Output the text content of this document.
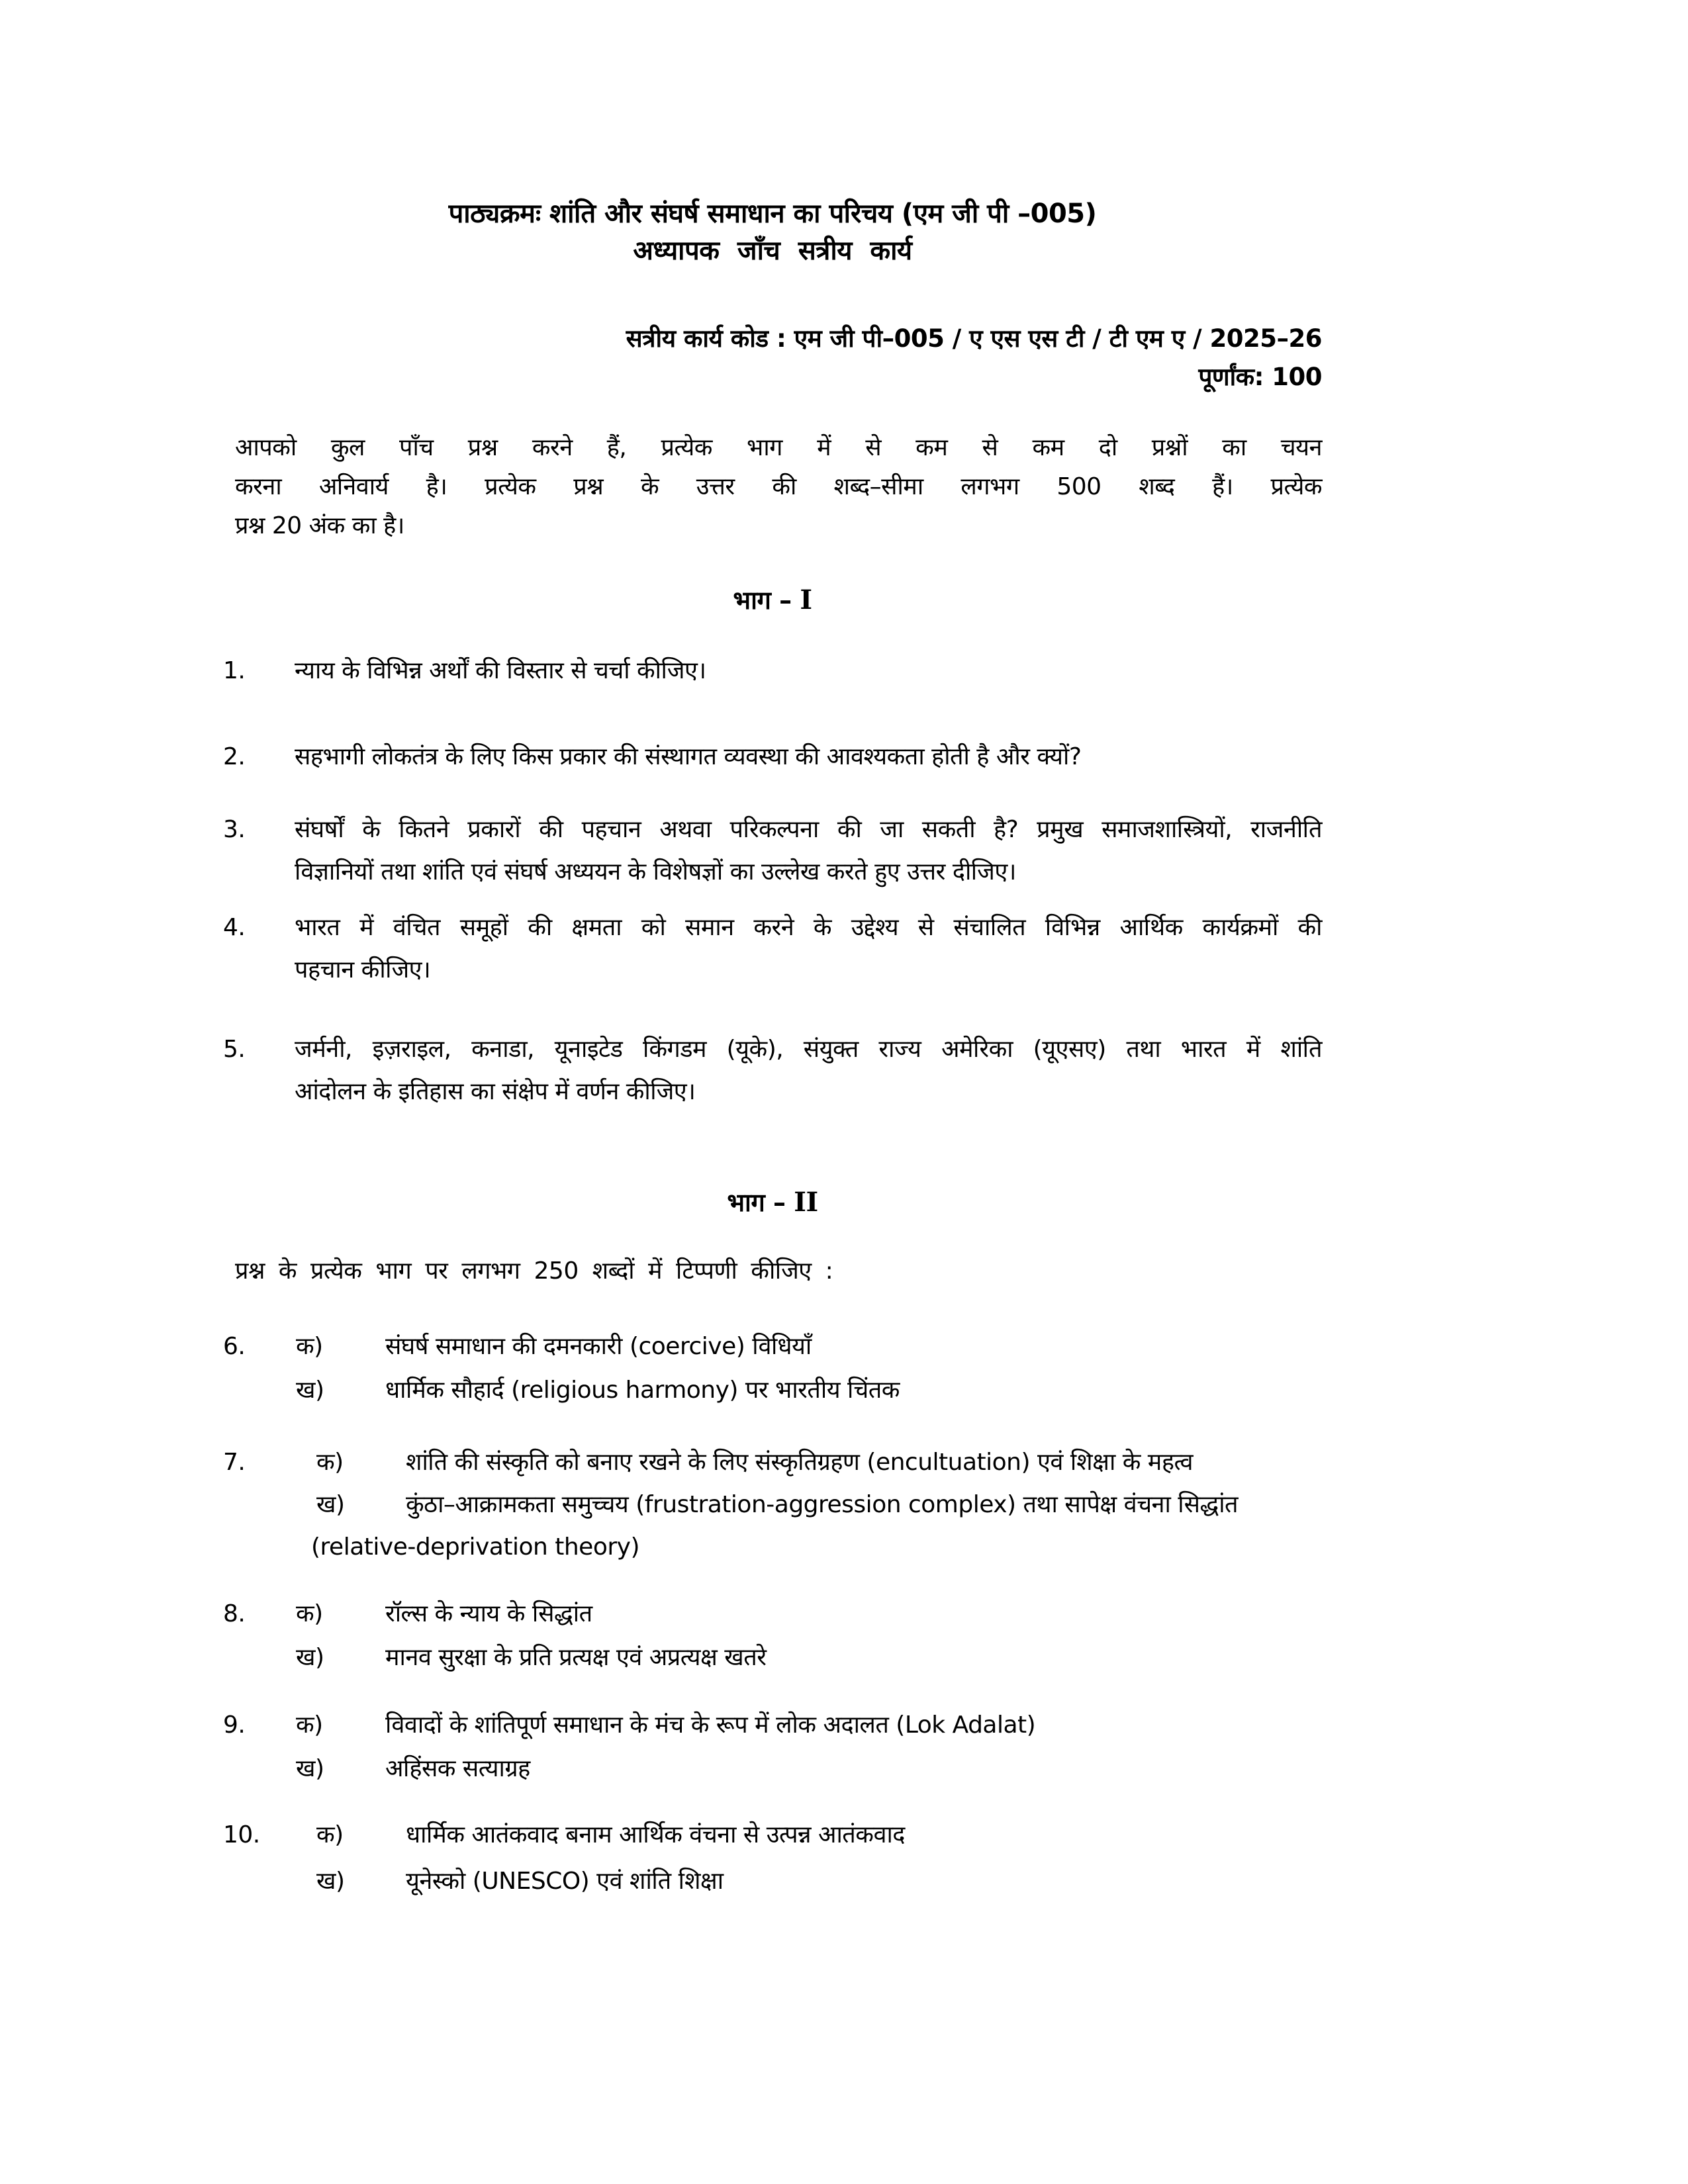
पाठ्यक्रमः शांति और संघर्ष समाधान का परिचय (एम जी पी –005)
अध्यापक जाँच सत्रीय कार्य
सत्रीय कार्य कोड : एम जी पी–005 / ए एस एस टी / टी एम ए / 2025–26
पूर्णांक: 100

आपको कुल पाँच प्रश्न करने हैं, प्रत्येक भाग में से कम से कम दो प्रश्नों का चयन
करना अनिवार्य है। प्रत्येक प्रश्न के उत्तर की शब्द–सीमा लगभग 500 शब्द हैं। प्रत्येक
प्रश्न 20 अंक का है।

भाग – I
1.	न्याय के विभिन्न अर्थों की विस्तार से चर्चा कीजिए।
2.	सहभागी लोकतंत्र के लिए किस प्रकार की संस्थागत व्यवस्था की आवश्यकता होती है और क्यों?
3.	संघर्षों के कितने प्रकारों की पहचान अथवा परिकल्पना की जा सकती है? प्रमुख समाजशास्त्रियों, राजनीति
विज्ञानियों तथा शांति एवं संघर्ष अध्ययन के विशेषज्ञों का उल्लेख करते हुए उत्तर दीजिए।
4.	भारत में वंचित समूहों की क्षमता को समान करने के उद्देश्य से संचालित विभिन्न आर्थिक कार्यक्रमों की
पहचान कीजिए।
5.	जर्मनी, इज़राइल, कनाडा, यूनाइटेड किंगडम (यूके), संयुक्त राज्य अमेरिका (यूएसए) तथा भारत में शांति
आंदोलन के इतिहास का संक्षेप में वर्णन कीजिए।
भाग – II

प्रश्न के प्रत्येक भाग पर लगभग 250 शब्दों में टिप्पणी कीजिए :

6.	क)	संघर्ष समाधान की दमनकारी (coercive) विधियाँ
ख)	धार्मिक सौहार्द (religious harmony) पर भारतीय चिंतक
7.	क)	शांति की संस्कृति को बनाए रखने के लिए संस्कृतिग्रहण (encultuation) एवं शिक्षा के महत्व
ख)	कुंठा–आक्रामकता समुच्चय (frustration-aggression complex) तथा सापेक्ष वंचना सिद्धांत
(relative-deprivation theory)
8.	क)	रॉल्स के न्याय के सिद्धांत
ख)	मानव सुरक्षा के प्रति प्रत्यक्ष एवं अप्रत्यक्ष खतरे
9.	क)	विवादों के शांतिपूर्ण समाधान के मंच के रूप में लोक अदालत (Lok Adalat)
ख)	अहिंसक सत्याग्रह
10.	क)	धार्मिक आतंकवाद बनाम आर्थिक वंचना से उत्पन्न आतंकवाद
ख)	यूनेस्को (UNESCO) एवं शांति शिक्षा
